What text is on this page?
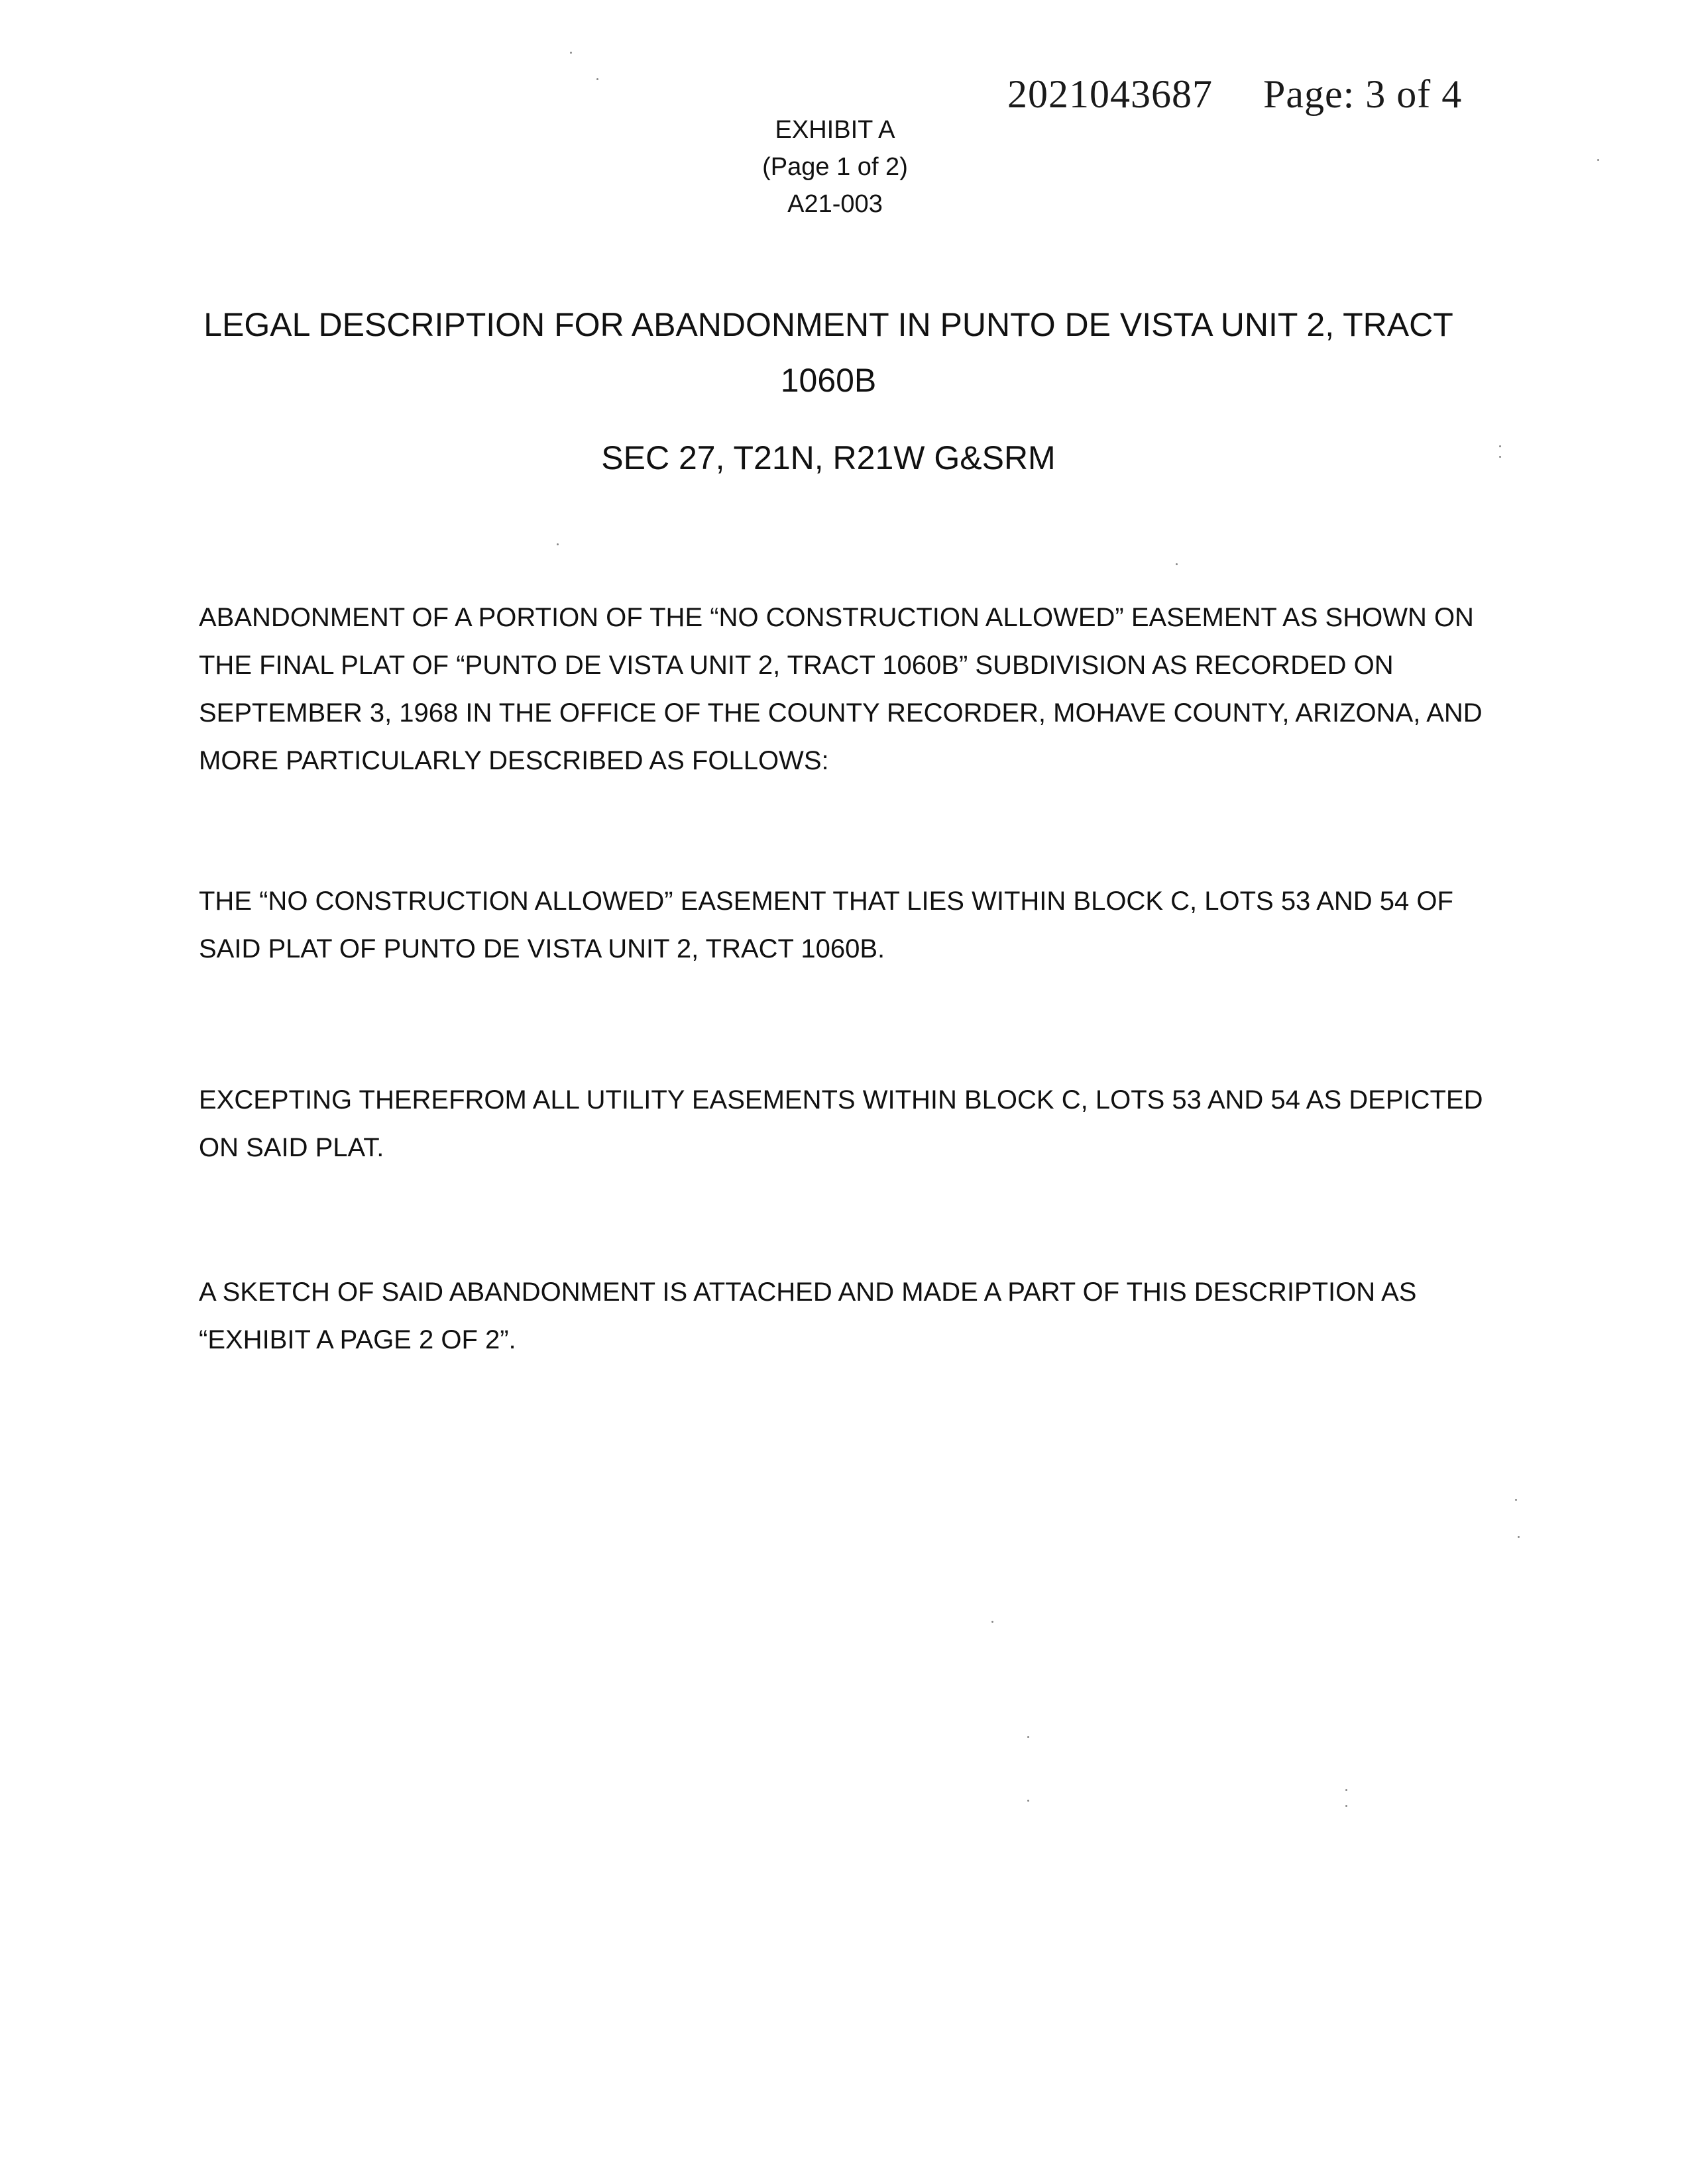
2021043687 Page: 3 of 4
EXHIBIT A
(Page 1 of 2)
A21-003
LEGAL DESCRIPTION FOR ABANDONMENT IN PUNTO DE VISTA UNIT 2, TRACT 1060B
SEC 27, T21N, R21W G&SRM
ABANDONMENT OF A PORTION OF THE “NO CONSTRUCTION ALLOWED” EASEMENT AS SHOWN ON THE FINAL PLAT OF “PUNTO DE VISTA UNIT 2, TRACT 1060B” SUBDIVISION AS RECORDED ON SEPTEMBER 3, 1968 IN THE OFFICE OF THE COUNTY RECORDER, MOHAVE COUNTY, ARIZONA, AND MORE PARTICULARLY DESCRIBED AS FOLLOWS:
THE “NO CONSTRUCTION ALLOWED” EASEMENT THAT LIES WITHIN BLOCK C, LOTS 53 AND 54 OF SAID PLAT OF PUNTO DE VISTA UNIT 2, TRACT 1060B.
EXCEPTING THEREFROM ALL UTILITY EASEMENTS WITHIN BLOCK C, LOTS 53 AND 54 AS DEPICTED ON SAID PLAT.
A SKETCH OF SAID ABANDONMENT IS ATTACHED AND MADE A PART OF THIS DESCRIPTION AS “EXHIBIT A PAGE 2 OF 2”.
